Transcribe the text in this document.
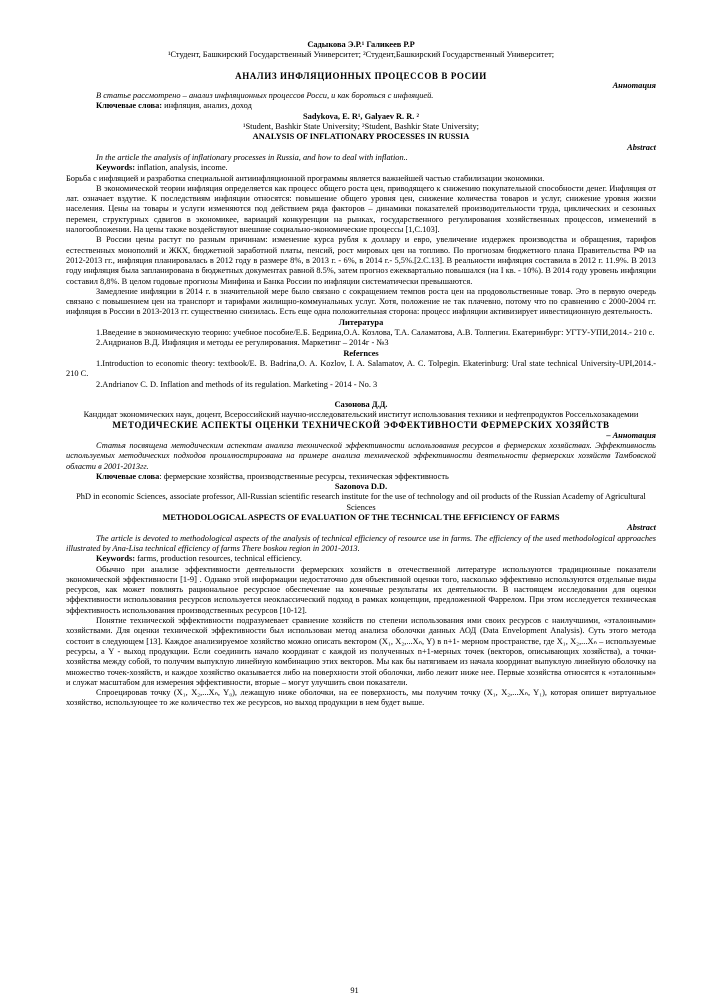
Садыкова Э.Р.¹ Галикеев Р.Р

¹Студент, Башкирский Государственный Университет; ²Студент,Башкирский Государственный Университет;

АНАЛИЗ ИНФЛЯЦИОННЫХ ПРОЦЕССОВ В РОСИИ

Аннотация

В статье рассмотрено – анализ инфляционных процессов Росси, и как бороться с инфляцией.

Ключевые слова: инфляция, анализ, доход

Sadykova, E. R¹, Galyaev R. R. ²

¹Student, Bashkir State University; ²Student, Bashkir State University;

ANALYSIS OF INFLATIONARY PROCESSES IN RUSSIA

Abstract

In the article the analysis of inflationary processes in Russia, and how to deal with inflation..

Keywords: inflation, analysis, income.

Борьба с инфляцией и разработка специальной антиинфляционной программы является важнейшей частью стабилизации экономики.

В экономической теории инфляция определяется как процесс общего роста цен, приводящего к снижению покупательной способности денег. Инфляция от лат. означает вздутие. К последствиям инфляции относятся: повышение общего уровня цен, снижение количества товаров и услуг, снижение уровня жизни населения. Цены на товары и услуги изменяются под действием ряда факторов – динамики показателей производительности труда, циклических и сезонных перемен, структурных сдвигов в экономикее, вариаций конкуренции на рынках, государственного регулирования хозяйственных процессов, изменений в налогообложении. На цены также воздействуют внешние социально-экономические процессы [1,С.103].

В России цены растут по разным причинам: изменение курса рубля к доллару и евро, увеличение издержек производства и обращения, тарифов естественных монополий и ЖКХ, бюджетной заработной платы, пенсий, рост мировых цен на топливо. По прогнозам бюджетного плана Правительства РФ на 2012-2013 гг., инфляция планировалась в 2012 году в размере 8%, в 2013 г. - 6%, в 2014 г.- 5,5%.[2.С.13]. В реальности инфляция составила в 2012 г. 11.9%. В 2013 году инфляция была запланирована в бюджетных документах равной 8.5%, затем прогноз ежеквартально повышался (на I кв. - 10%). В 2014 году уровень инфляции составил 8,8%. В целом годовые прогнозы Минфина и Банка России по инфляции систематически превышаются.

Замедление инфляции в 2014 г. в значительной мере было связано с сокращением темпов роста цен на продовольственные товар. Это в первую очередь связано с повышением цен на транспорт и тарифами жилищно-коммунальных услуг. Хотя, положение не так плачевно, потому что по сравнению с 2000-2004 гг. инфляция в России в 2013-2013 гг. существенно снизилась. Есть еще одна положительная сторона: процесс инфляции активизирует инвестиционную деятельность.

Литература

1.Введение в экономическую теорию: учебное пособие/Е.Б. Бедрина,О.А. Козлова, Т.А. Саламатова, А.В. Толпегин. Екатеринбург: УГТУ-УПИ,2014.- 210 с.

2.Андрианов В.Д. Инфляция и методы ее регулирования. Маркетинг – 2014г - №3

Refernces

1.Introduction to economic theory: textbook/E. B. Badrina,O. A. Kozlov, I. A. Salamatov, A. C. Tolpegin. Ekaterinburg: Ural state technical University-UPI,2014.- 210 C.

2.Andrianov C. D. Inflation and methods of its regulation. Marketing - 2014 - No. 3

Сазонова Д.Д.

Кандидат экономических наук, доцент, Всероссийский научно-исследовательский институт использования техники и нефтепродуктов Россельхозакадемии

МЕТОДИЧЕСКИЕ АСПЕКТЫ ОЦЕНКИ ТЕХНИЧЕСКОЙ ЭФФЕКТИВНОСТИ ФЕРМЕРСКИХ ХОЗЯЙСТВ

– Аннотация

Статья посвящена методическим аспектам анализа технической эффективности использования ресурсов в фермерских хозяйствах. Эффективность используемых методических подходов проиллюстрирована на примере анализа технической эффективности деятельности фермерских хозяйств Тамбовской области в 2001-2013гг.

Ключевые слова: фермерские хозяйства, производственные ресурсы, техническая эффективность

Sazonova D.D.

PhD in economic Sciences, associate professor, All-Russian scientific research institute for the use of technology and oil products of the Russian Academy of Agricultural Sciences

METHODOLOGICAL ASPECTS OF EVALUATION OF THE TECHNICAL THE EFFICIENCY OF FARMS

Abstract

The article is devoted to methodological aspects of the analysis of technical efficiency of resource use in farms. The efficiency of the used methodological approaches illustrated by Ana-Lisa technical efficiency of farms There boskou region in 2001-2013.

Keywords: farms, production resources, technical efficiency.

Обычно при анализе эффективности деятельности фермерских хозяйств в отечественной литературе используются традиционные показатели экономической эффективности [1-9] . Однако этой информации недостаточно для объективной оценки того, насколько эффективно используются отдельные виды ресурсов, как может повлиять рациональное ресурсное обеспечение на конечные результаты их деятельности. В настоящем исследовании для оценки эффективности использования ресурсов используется неоклассический подход в рамках концепции, предложенной Фаррелом. При этом исследуется техническая эффективность использования производственных ресурсов [10-12].

Понятие технической эффективности подразумевает сравнение хозяйств по степени использования ими своих ресурсов с наилучшими, «эталонными» хозяйствами. Для оценки технической эффективности был использован метод анализа оболочки данных АОД (Data Envelopment Analysis). Суть этого метода состоит в следующем [13]. Каждое анализируемое хозяйство можно описать вектором (X₁, X₂,...Xₙ, Y) в n+1- мерном пространстве, где X₁, X₂,...Xₙ – используемые ресурсы, а Y - выход продукции. Если соединить начало координат с каждой из полученных n+1-мерных точек (векторов, описывающих хозяйства), а точки-хозяйства между собой, то получим выпуклую линейную комбинацию этих векторов. Мы как бы натягиваем из начала координат выпуклую линейную оболочку на множество точек-хозяйств, и каждое хозяйство оказывается либо на поверхности этой оболочки, либо лежит ниже нее. Первые хозяйства относятся к «эталонным» и служат масштабом для измерения эффективности, вторые – могут улучшить свои показатели.

Спроецировав точку (X₁, X₂,...Xₙ, Y₀), лежащую ниже оболочки, на ее поверхность, мы получим точку (X₁, X₂,...Xₙ, Y₁), которая опишет виртуальное хозяйство, использующее то же количество тех же ресурсов, но выход продукции в нем будет выше.

91
